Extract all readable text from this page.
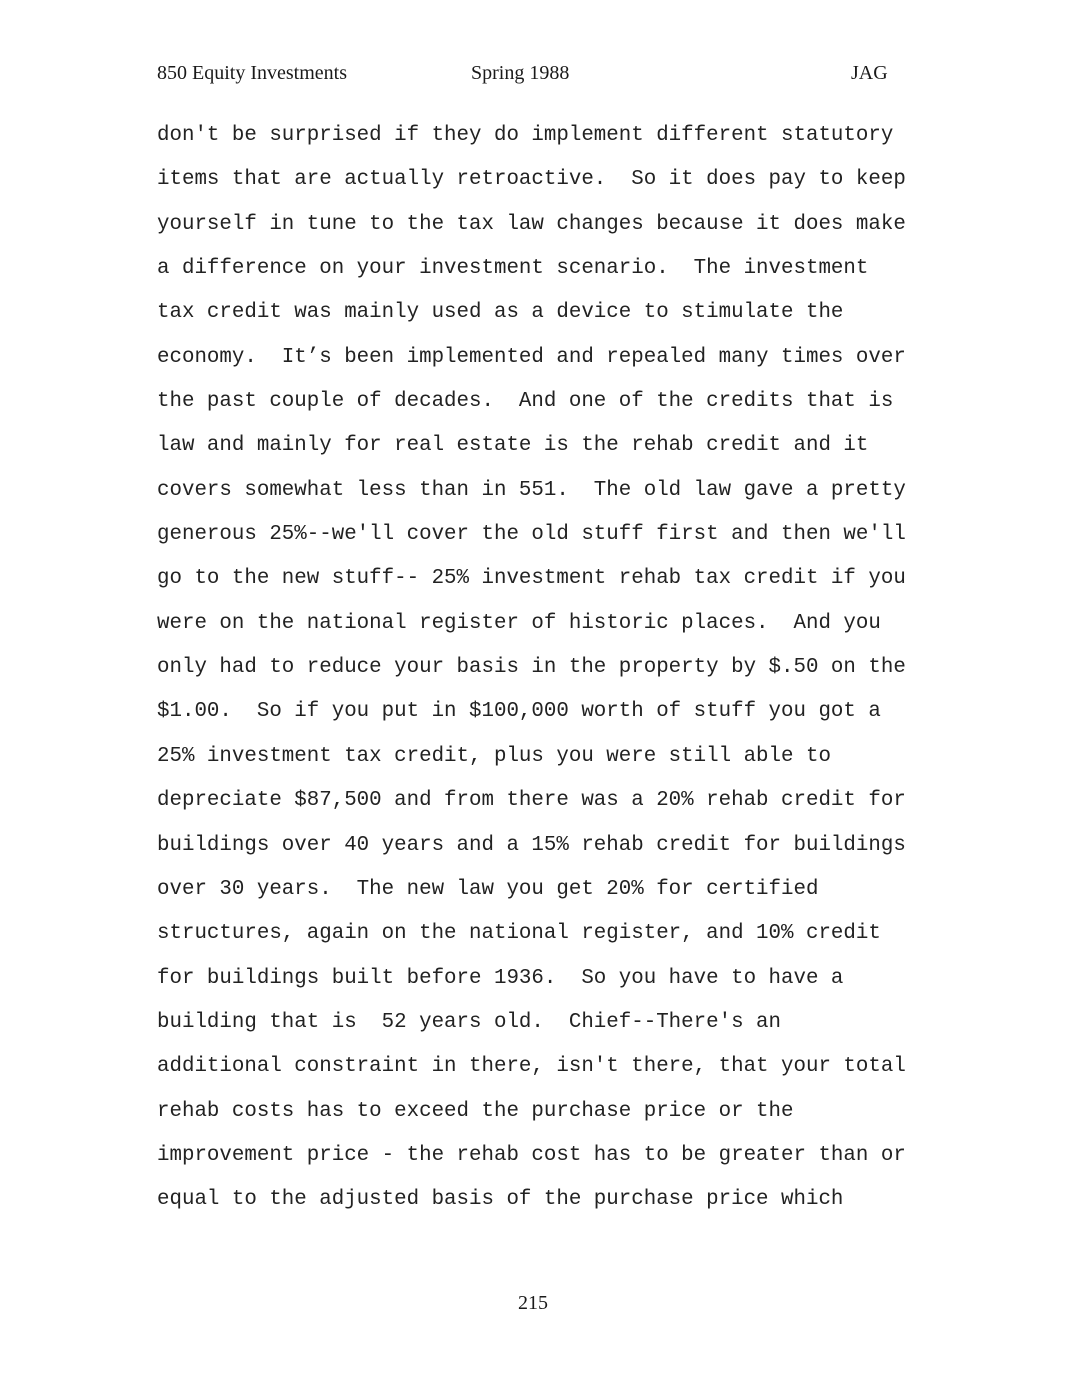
850 Equity Investments	Spring 1988	JAG
don't be surprised if they do implement different statutory
items that are actually retroactive.  So it does pay to keep
yourself in tune to the tax law changes because it does make
a difference on your investment scenario.  The investment
tax credit was mainly used as a device to stimulate the
economy.  It’s been implemented and repealed many times over
the past couple of decades.  And one of the credits that is
law and mainly for real estate is the rehab credit and it
covers somewhat less than in 551.  The old law gave a pretty
generous 25%--we'll cover the old stuff first and then we'll
go to the new stuff-- 25% investment rehab tax credit if you
were on the national register of historic places.  And you
only had to reduce your basis in the property by $.50 on the
$1.00.  So if you put in $100,000 worth of stuff you got a
25% investment tax credit, plus you were still able to
depreciate $87,500 and from there was a 20% rehab credit for
buildings over 40 years and a 15% rehab credit for buildings
over 30 years.  The new law you get 20% for certified
structures, again on the national register, and 10% credit
for buildings built before 1936.  So you have to have a
building that is  52 years old.  Chief--There's an
additional constraint in there, isn't there, that your total
rehab costs has to exceed the purchase price or the
improvement price - the rehab cost has to be greater than or
equal to the adjusted basis of the purchase price which
215
